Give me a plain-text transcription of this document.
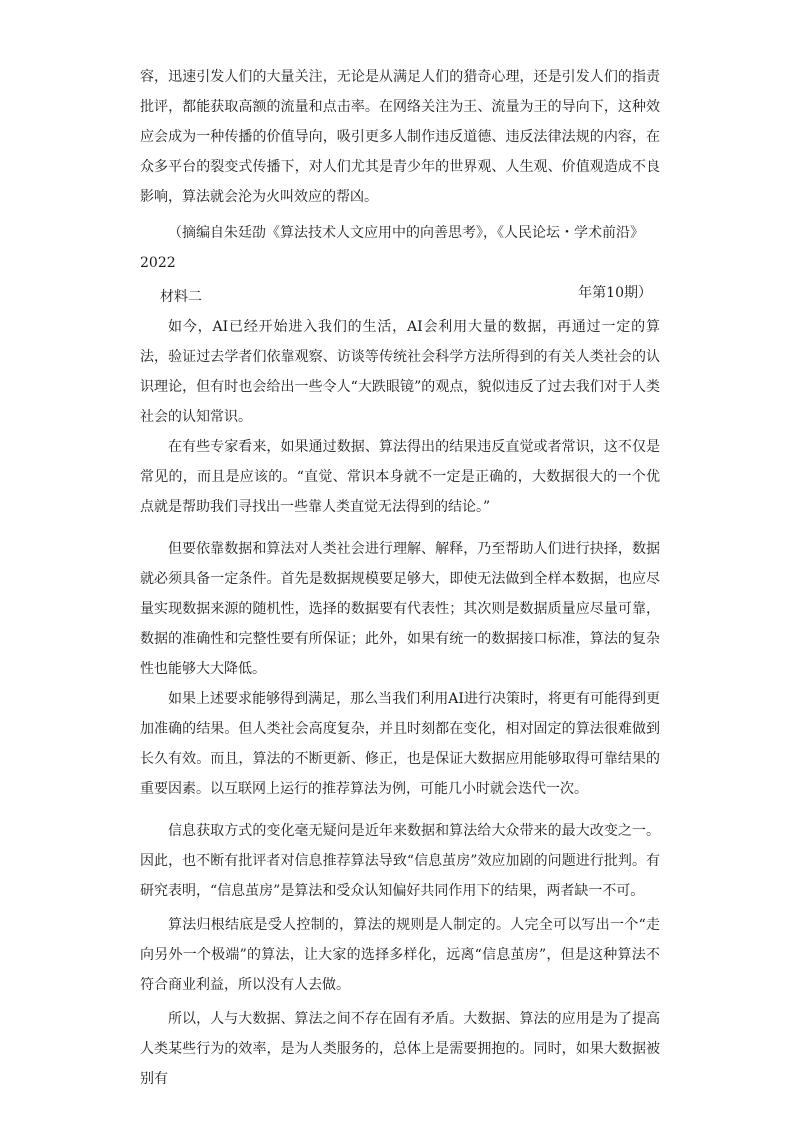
容，迅速引发人们的大量关注，无论是从满足人们的猎奇心理，还是引发人们的指责批评，都能获取高额的流量和点击率。在网络关注为王、流量为王的导向下，这种效应会成为一种传播的价值导向，吸引更多人制作违反道德、违反法律法规的内容，在众多平台的裂变式传播下，对人们尤其是青少年的世界观、人生观、价值观造成不良影响，算法就会沦为火叫效应的帮凶。

（摘编自朱廷劭《算法技术人文应用中的向善思考》，《人民论坛・学术前沿》2022
年第10期）

材料二

如今，AI已经开始进入我们的生活，AI会利用大量的数据，再通过一定的算法，验证过去学者们依靠观察、访谈等传统社会科学方法所得到的有关人类社会的认识理论，但有时也会给出一些令人“大跌眼镜”的观点，貌似违反了过去我们对于人类社会的认知常识。

在有些专家看来，如果通过数据、算法得出的结果违反直觉或者常识，这不仅是常见的，而且是应该的。“直觉、常识本身就不一定是正确的，大数据很大的一个优点就是帮助我们寻找出一些靠人类直觉无法得到的结论。”

但要依靠数据和算法对人类社会进行理解、解释，乃至帮助人们进行抉择，数据就必须具备一定条件。首先是数据规模要足够大，即使无法做到全样本数据，也应尽量实现数据来源的随机性，选择的数据要有代表性；其次则是数据质量应尽量可靠，数据的准确性和完整性要有所保证；此外，如果有统一的数据接口标准，算法的复杂性也能够大大降低。

如果上述要求能够得到满足，那么当我们利用AI进行决策时，将更有可能得到更加准确的结果。但人类社会高度复杂，并且时刻都在变化，相对固定的算法很难做到长久有效。而且，算法的不断更新、修正，也是保证大数据应用能够取得可靠结果的重要因素。以互联网上运行的推荐算法为例，可能几小时就会迭代一次。

信息获取方式的变化毫无疑问是近年来数据和算法给大众带来的最大改变之一。因此，也不断有批评者对信息推荐算法导致“信息茧房”效应加剧的问题进行批判。有研究表明，“信息茧房”是算法和受众认知偏好共同作用下的结果，两者缺一不可。

算法归根结底是受人控制的，算法的规则是人制定的。人完全可以写出一个“走向另外一个极端”的算法，让大家的选择多样化，远离“信息茧房”，但是这种算法不符合商业利益，所以没有人去做。

所以，人与大数据、算法之间不存在固有矛盾。大数据、算法的应用是为了提高人类某些行为的效率，是为人类服务的，总体上是需要拥抱的。同时，如果大数据被别有
